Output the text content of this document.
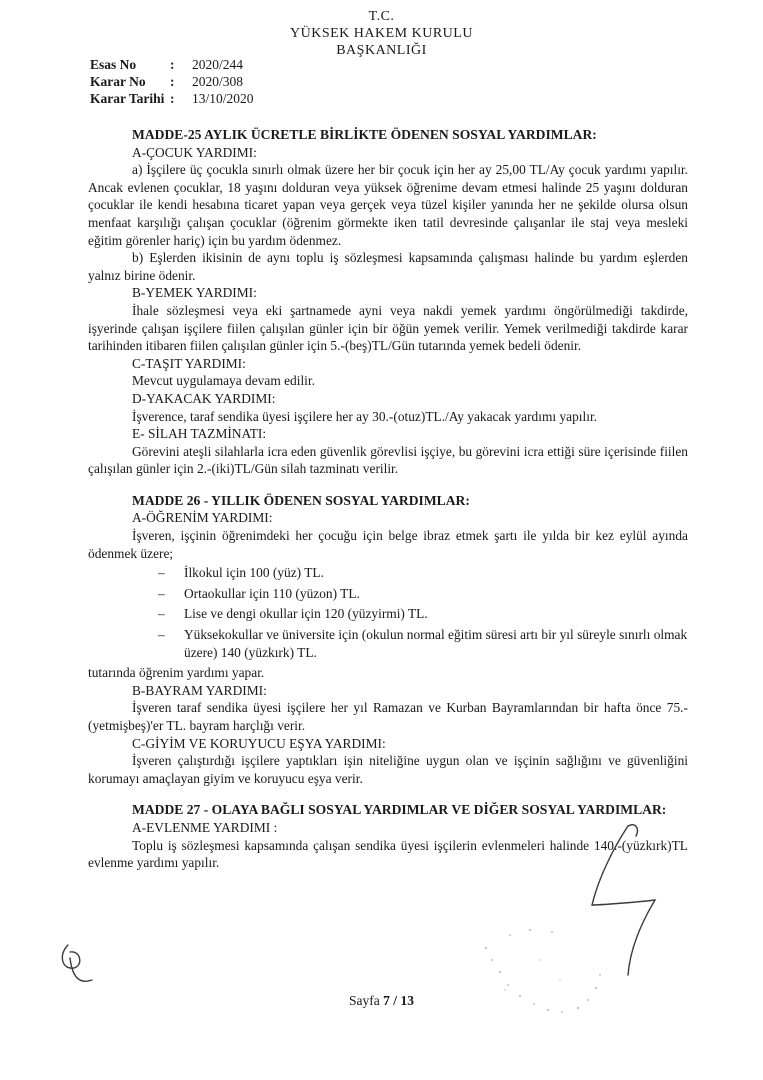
T.C.
YÜKSEK HAKEM KURULU
BAŞKANLIĞI
Esas No	:	2020/244
Karar No	:	2020/308
Karar Tarihi :	13/10/2020
MADDE-25 AYLIK ÜCRETLE BİRLİKTE ÖDENEN SOSYAL YARDIMLAR:
A-ÇOCUK YARDIMI:
a) İşçilere üç çocukla sınırlı olmak üzere her bir çocuk için her ay 25,00 TL/Ay çocuk yardımı yapılır. Ancak evlenen çocuklar, 18 yaşını dolduran veya yüksek öğrenime devam etmesi halinde 25 yaşını dolduran çocuklar ile kendi hesabına ticaret yapan veya gerçek veya tüzel kişiler yanında her ne şekilde olursa olsun menfaat karşılığı çalışan çocuklar (öğrenim görmekte iken tatil devresinde çalışanlar ile staj veya mesleki eğitim görenler hariç) için bu yardım ödenmez.
b) Eşlerden ikisinin de aynı toplu iş sözleşmesi kapsamında çalışması halinde bu yardım eşlerden yalnız birine ödenir.
B-YEMEK YARDIMI:
İhale sözleşmesi veya eki şartnamede ayni veya nakdi yemek yardımı öngörülmediği takdirde, işyerinde çalışan işçilere fiilen çalışılan günler için bir öğün yemek verilir. Yemek verilmediği takdirde karar tarihinden itibaren fiilen çalışılan günler için 5.-(beş)TL/Gün tutarında yemek bedeli ödenir.
C-TAŞIT YARDIMI:
Mevcut uygulamaya devam edilir.
D-YAKACAK YARDIMI:
İşverence, taraf sendika üyesi işçilere her ay 30.-(otuz)TL./Ay yakacak yardımı yapılır.
E- SİLAH TAZMİNATI:
Görevini ateşli silahlarla icra eden güvenlik görevlisi işçiye, bu görevini icra ettiği süre içerisinde fiilen çalışılan günler için 2.-(iki)TL/Gün silah tazminatı verilir.
MADDE 26 - YILLIK ÖDENEN SOSYAL YARDIMLAR:
A-ÖĞRENİM YARDIMI:
İşveren, işçinin öğrenimdeki her çocuğu için belge ibraz etmek şartı ile yılda bir kez eylül ayında ödenmek üzere;
– İlkokul için 100 (yüz) TL.
– Ortaokullar için 110 (yüzon) TL.
– Lise ve dengi okullar için 120 (yüzyirmi) TL.
– Yüksekokullar ve üniversite için (okulun normal eğitim süresi artı bir yıl süreyle sınırlı olmak üzere) 140 (yüzkırk) TL.
tutarında öğrenim yardımı yapar.
B-BAYRAM YARDIMI:
İşveren taraf sendika üyesi işçilere her yıl Ramazan ve Kurban Bayramlarından bir hafta önce 75.-(yetmişbeş)'er TL. bayram harçlığı verir.
C-GİYİM VE KORUYUCU EŞYA YARDIMI:
İşveren çalıştırdığı işçilere yaptıkları işin niteliğine uygun olan ve işçinin sağlığını ve güvenliğini korumayı amaçlayan giyim ve koruyucu eşya verir.
MADDE 27 - OLAYA BAĞLI SOSYAL YARDIMLAR VE DİĞER SOSYAL YARDIMLAR:
A-EVLENME YARDIMI :
Toplu iş sözleşmesi kapsamında çalışan sendika üyesi işçilerin evlenmeleri halinde 140.-(yüzkırk)TL evlenme yardımı yapılır.
Sayfa 7 / 13
